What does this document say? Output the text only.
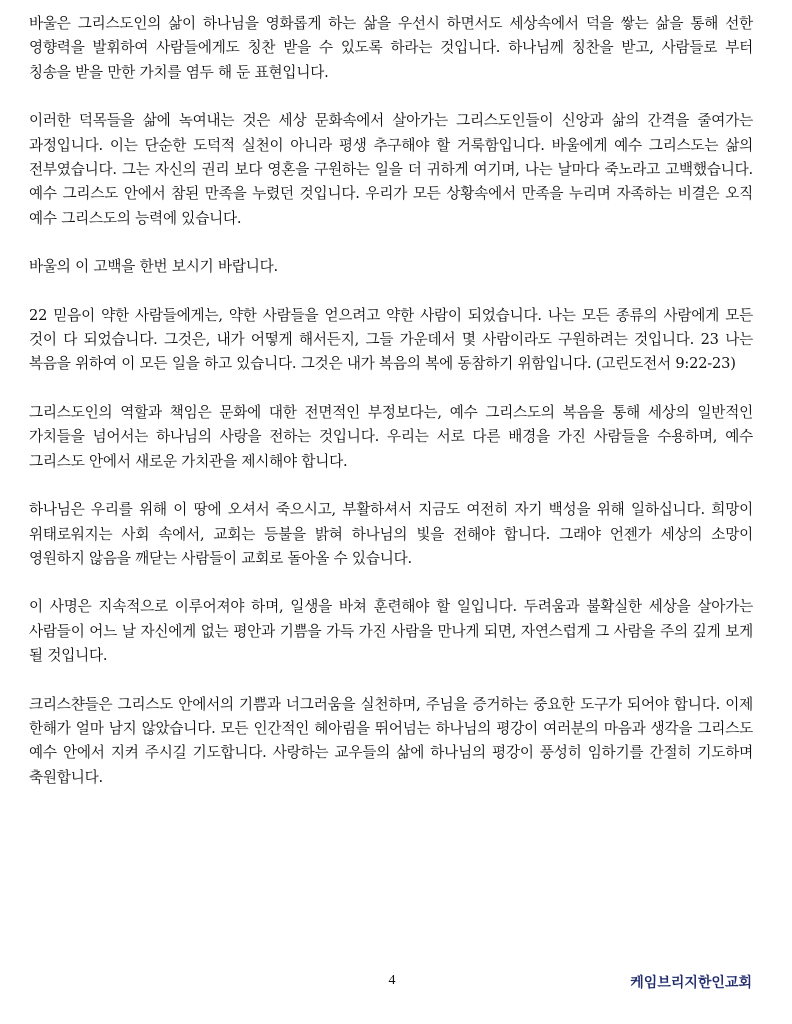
바울은 그리스도인의 삶이 하나님을 영화롭게 하는 삶을 우선시 하면서도 세상속에서 덕을 쌓는 삶을 통해 선한 영향력을 발휘하여 사람들에게도 칭찬 받을 수 있도록 하라는 것입니다. 하나님께 칭찬을 받고, 사람들로 부터 칭송을 받을 만한 가치를 염두 해 둔 표현입니다.

이러한 덕목들을 삶에 녹여내는 것은 세상 문화속에서 살아가는 그리스도인들이 신앙과 삶의 간격을 줄여가는 과정입니다. 이는 단순한 도덕적 실천이 아니라 평생 추구해야 할 거룩함입니다. 바울에게 예수 그리스도는 삶의 전부였습니다. 그는 자신의 권리 보다 영혼을 구원하는 일을 더 귀하게 여기며, 나는 날마다 죽노라고 고백했습니다. 예수 그리스도 안에서 참된 만족을 누렸던 것입니다. 우리가 모든 상황속에서 만족을 누리며 자족하는 비결은 오직 예수 그리스도의 능력에 있습니다.

바울의 이 고백을 한번 보시기 바랍니다.

22 믿음이 약한 사람들에게는, 약한 사람들을 얻으려고 약한 사람이 되었습니다. 나는 모든 종류의 사람에게 모든 것이 다 되었습니다. 그것은, 내가 어떻게 해서든지, 그들 가운데서 몇 사람이라도 구원하려는 것입니다. 23 나는 복음을 위하여 이 모든 일을 하고 있습니다. 그것은 내가 복음의 복에 동참하기 위함입니다. (고린도전서 9:22-23)

그리스도인의 역할과 책임은 문화에 대한 전면적인 부정보다는, 예수 그리스도의 복음을 통해 세상의 일반적인 가치들을 넘어서는 하나님의 사랑을 전하는 것입니다. 우리는 서로 다른 배경을 가진 사람들을 수용하며, 예수 그리스도 안에서 새로운 가치관을 제시해야 합니다.

하나님은 우리를 위해 이 땅에 오셔서 죽으시고, 부활하셔서 지금도 여전히 자기 백성을 위해 일하십니다. 희망이 위태로워지는 사회 속에서, 교회는 등불을 밝혀 하나님의 빛을 전해야 합니다. 그래야 언젠가 세상의 소망이 영원하지 않음을 깨닫는 사람들이 교회로 돌아올 수 있습니다.

이 사명은 지속적으로 이루어져야 하며, 일생을 바쳐 훈련해야 할 일입니다. 두려움과 불확실한 세상을 살아가는 사람들이 어느 날 자신에게 없는 평안과 기쁨을 가득 가진 사람을 만나게 되면, 자연스럽게 그 사람을 주의 깊게 보게 될 것입니다.

크리스챤들은 그리스도 안에서의 기쁨과 너그러움을 실천하며, 주님을 증거하는 중요한 도구가 되어야 합니다. 이제 한해가 얼마 남지 않았습니다. 모든 인간적인 헤아림을 뛰어넘는 하나님의 평강이 여러분의 마음과 생각을 그리스도 예수 안에서 지켜 주시길 기도합니다. 사랑하는 교우들의 삶에 하나님의 평강이 풍성히 임하기를 간절히 기도하며 축원합니다.

4	케임브리지한인교회
